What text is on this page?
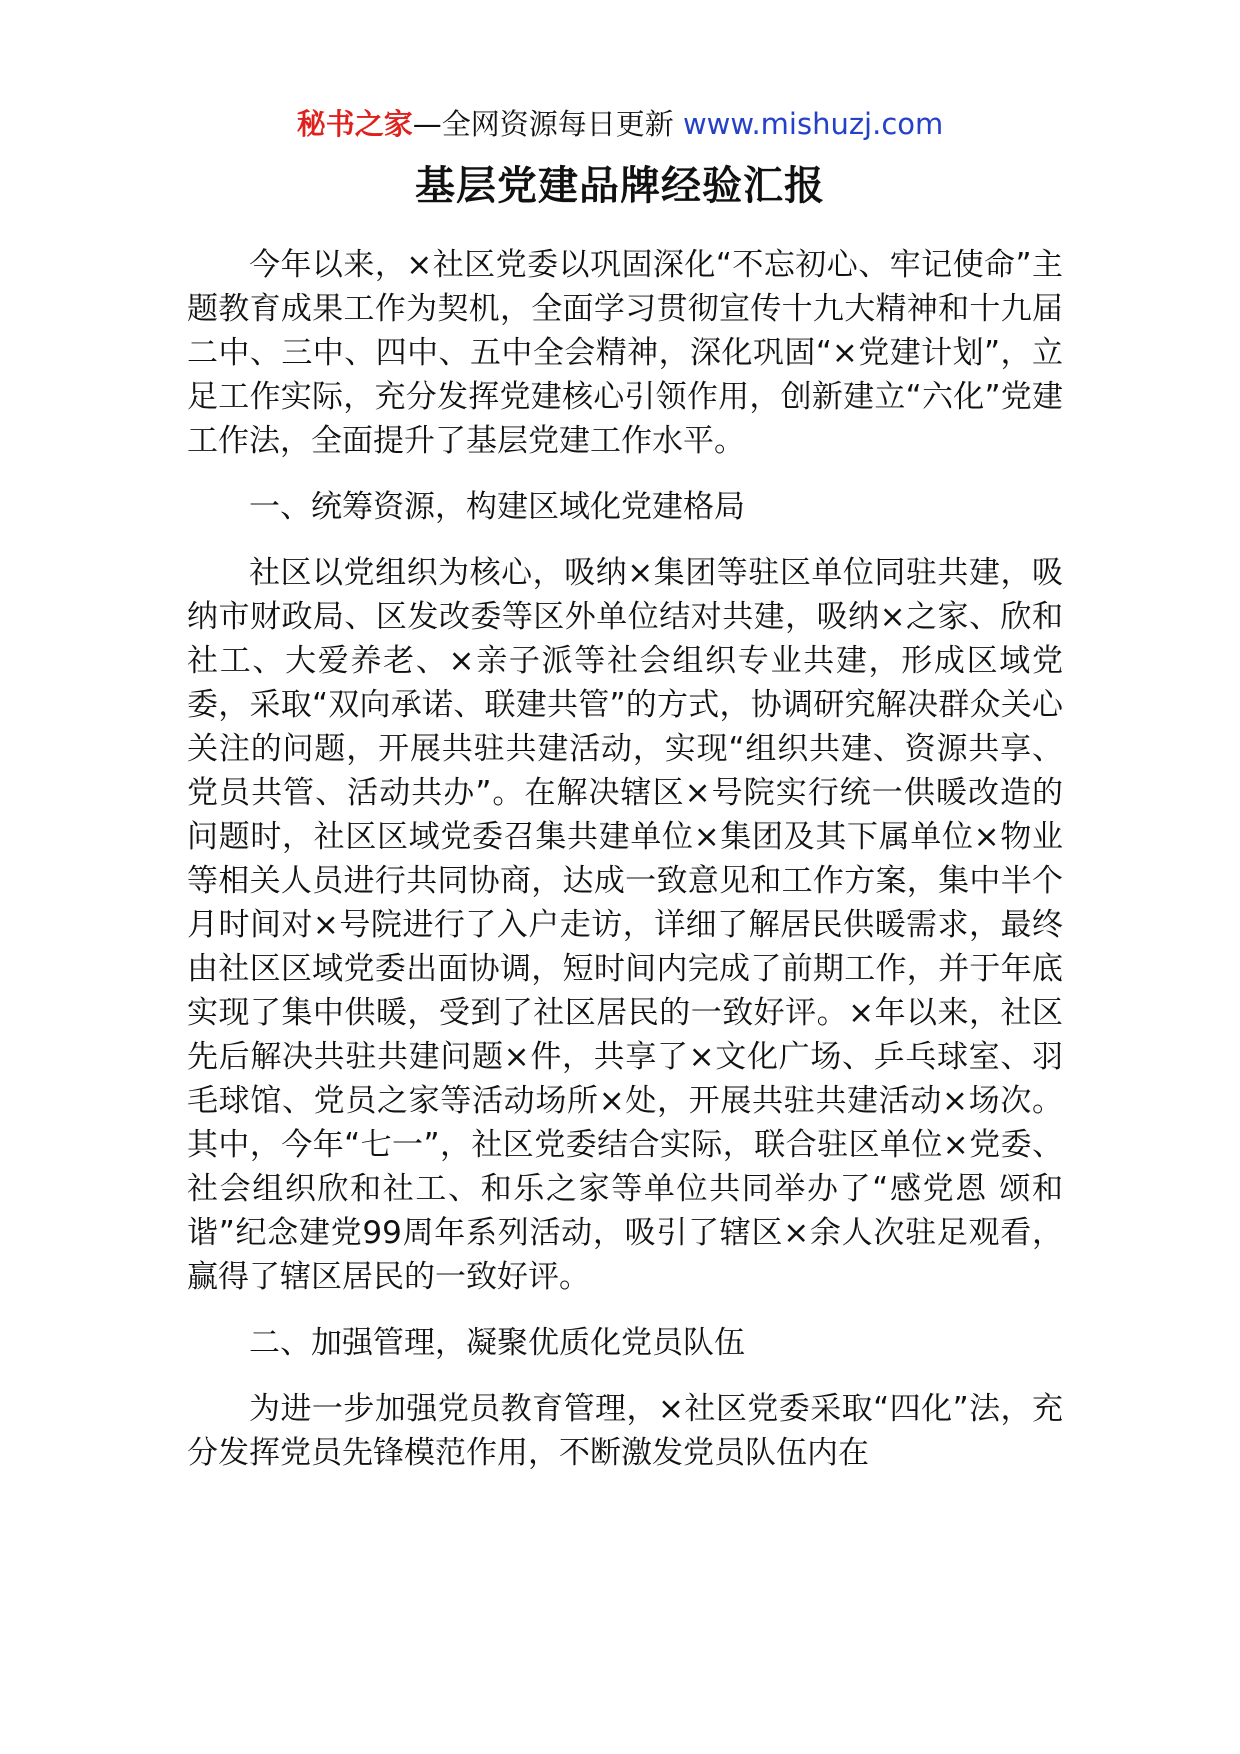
秘书之家—全网资源每日更新 www.mishuzj.com
基层党建品牌经验汇报

今年以来，×社区党委以巩固深化“不忘初心、牢记使命”主题教育成果工作为契机，全面学习贯彻宣传十九大精神和十九届二中、三中、四中、五中全会精神，深化巩固“×党建计划”，立足工作实际，充分发挥党建核心引领作用，创新建立“六化”党建工作法，全面提升了基层党建工作水平。

一、统筹资源，构建区域化党建格局

社区以党组织为核心，吸纳×集团等驻区单位同驻共建，吸纳市财政局、区发改委等区外单位结对共建，吸纳×之家、欣和社工、大爱养老、×亲子派等社会组织专业共建，形成区域党委，采取“双向承诺、联建共管”的方式，协调研究解决群众关心关注的问题，开展共驻共建活动，实现“组织共建、资源共享、党员共管、活动共办”。在解决辖区×号院实行统一供暖改造的问题时，社区区域党委召集共建单位×集团及其下属单位×物业等相关人员进行共同协商，达成一致意见和工作方案，集中半个月时间对×号院进行了入户走访，详细了解居民供暖需求，最终由社区区域党委出面协调，短时间内完成了前期工作，并于年底实现了集中供暖，受到了社区居民的一致好评。×年以来，社区先后解决共驻共建问题×件，共享了×文化广场、乒乓球室、羽毛球馆、党员之家等活动场所×处，开展共驻共建活动×场次。其中，今年“七一”，社区党委结合实际，联合驻区单位×党委、社会组织欣和社工、和乐之家等单位共同举办了“感党恩 颂和谐”纪念建党99周年系列活动，吸引了辖区×余人次驻足观看，赢得了辖区居民的一致好评。

二、加强管理，凝聚优质化党员队伍

为进一步加强党员教育管理，×社区党委采取“四化”法，充分发挥党员先锋模范作用，不断激发党员队伍内在
